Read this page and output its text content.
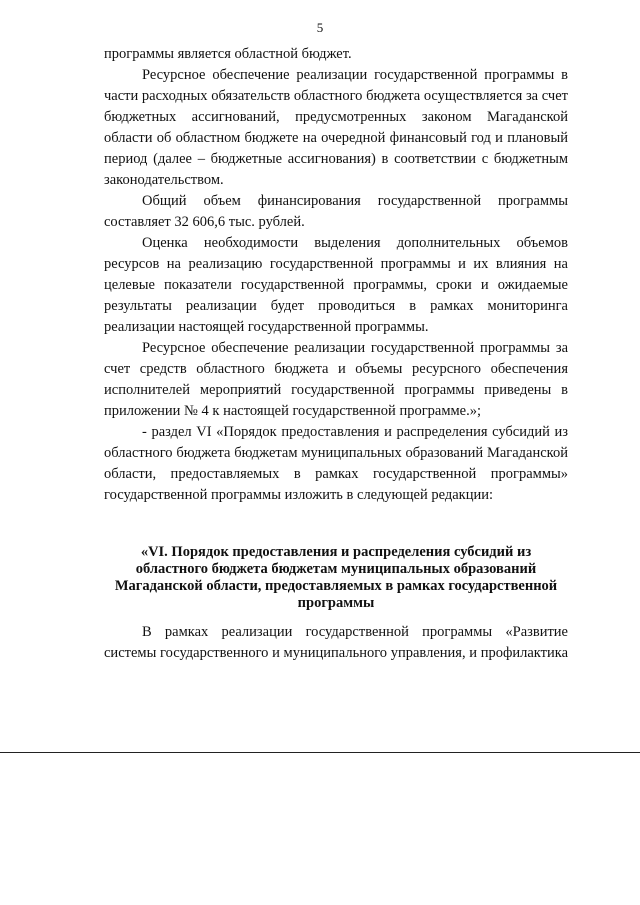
5

программы является областной бюджет.

Ресурсное обеспечение реализации государственной программы в части расходных обязательств областного бюджета осуществляется за счет бюджетных ассигнований, предусмотренных законом Магаданской области об областном бюджете на очередной финансовый год и плановый период (далее – бюджетные ассигнования) в соответствии с бюджетным законодательством.

Общий объем финансирования государственной программы составляет 32 606,6 тыс. рублей.

Оценка необходимости выделения дополнительных объемов ресурсов на реализацию государственной программы и их влияния на целевые показатели государственной программы, сроки и ожидаемые результаты реализации будет проводиться в рамках мониторинга реализации настоящей государственной программы.

Ресурсное обеспечение реализации государственной программы за счет средств областного бюджета и объемы ресурсного обеспечения исполнителей мероприятий государственной программы приведены в приложении № 4 к настоящей государственной программе.»;

- раздел VI «Порядок предоставления и распределения субсидий из областного бюджета бюджетам муниципальных образований Магаданской области, предоставляемых в рамках государственной программы» государственной программы изложить в следующей редакции:

«VI. Порядок предоставления и распределения субсидий из областного бюджета бюджетам муниципальных образований Магаданской области, предоставляемых в рамках государственной программы

В рамках реализации государственной программы «Развитие системы государственного и муниципального управления, и профилактика
